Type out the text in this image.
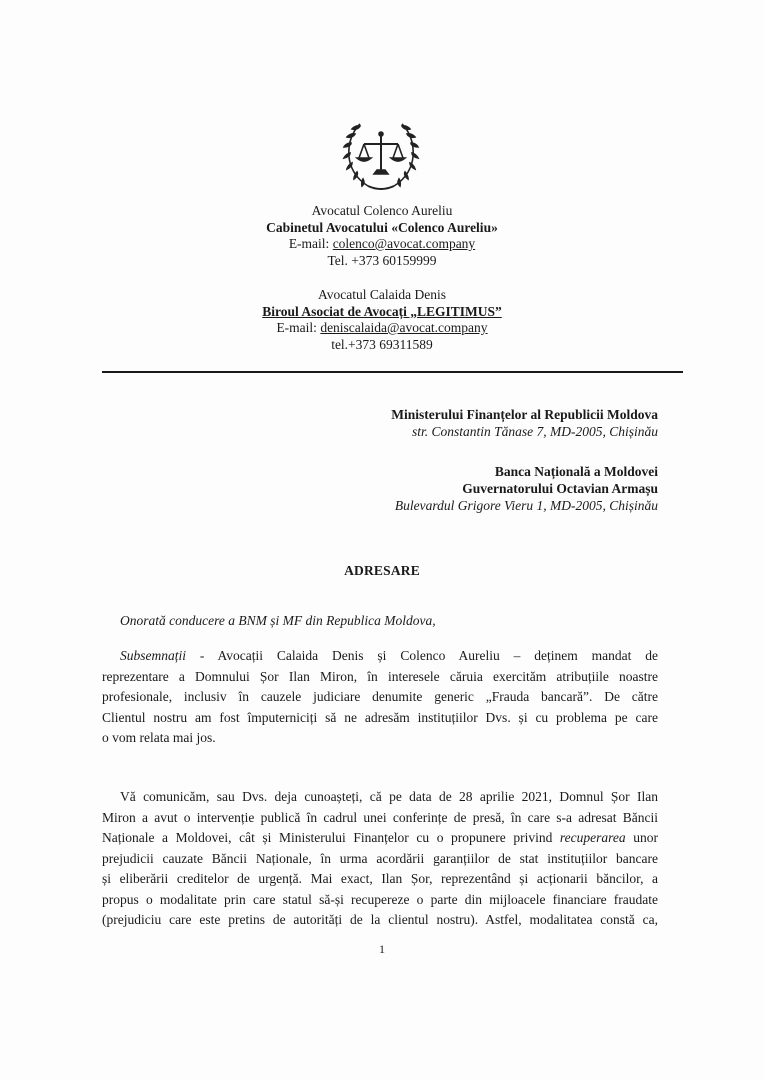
Avocatul Colenco Aureliu
Cabinetul Avocatului «Colenco Aureliu»
E-mail: colenco@avocat.company
Tel. +373 60159999
Avocatul Calaida Denis
Biroul Asociat de Avocați „LEGITIMUS”
E-mail: deniscalaida@avocat.company
tel.+373 69311589
Ministerului Finanțelor al Republicii Moldova
str. Constantin Tănase 7, MD-2005, Chișinău
Banca Națională a Moldovei
Guvernatorului Octavian Armașu
Bulevardul Grigore Vieru 1, MD-2005, Chișinău
ADRESARE
Onorată conducere a BNM și MF din Republica Moldova,
Subsemnații - Avocații Calaida Denis și Colenco Aureliu – deținem mandat de
reprezentare a Domnului Șor Ilan Miron, în interesele căruia exercităm atribuțiile noastre
profesionale, inclusiv în cauzele judiciare denumite generic „Frauda bancară”. De către
Clientul nostru am fost împuterniciți să ne adresăm instituțiilor Dvs. și cu problema pe care
o vom relata mai jos.
Vă comunicăm, sau Dvs. deja cunoașteți, că pe data de 28 aprilie 2021, Domnul Șor Ilan
Miron a avut o intervenție publică în cadrul unei conferințe de presă, în care s-a adresat Băncii
Naționale a Moldovei, cât și Ministerului Finanțelor cu o propunere privind recuperarea unor
prejudicii cauzate Băncii Naționale, în urma acordării garanțiilor de stat instituțiilor bancare
și eliberării creditelor de urgență. Mai exact, Ilan Șor, reprezentând și acționarii băncilor, a
propus o modalitate prin care statul să-și recupereze o parte din mijloacele financiare fraudate
(prejudiciu care este pretins de autorități de la clientul nostru). Astfel, modalitatea constă ca,
1
